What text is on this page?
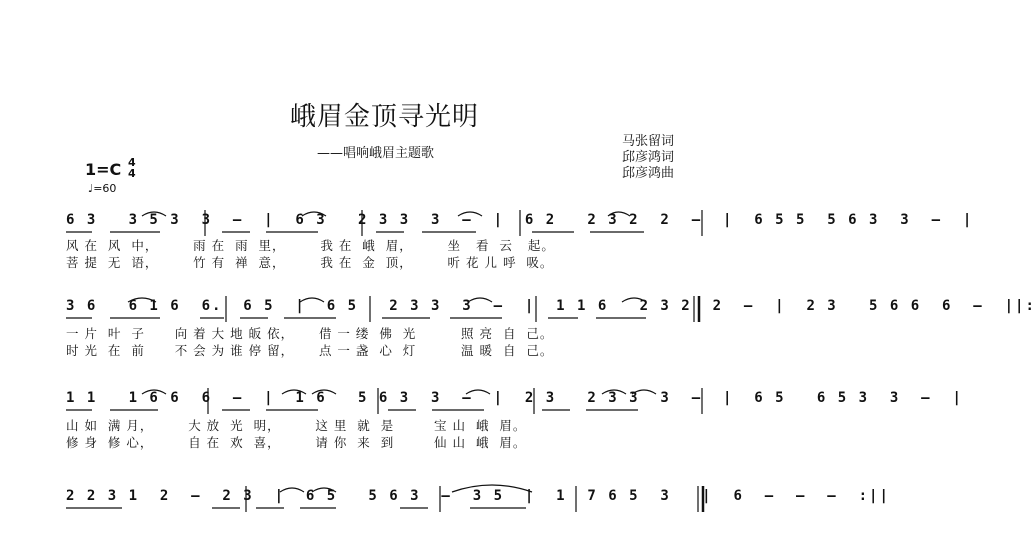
峨眉金顶寻光明
——唱响峨眉主题歌
马张留词
邱彦鸿词
邱彦鸿曲
1=C 4
4
♩=60
6 3   3 5 3  3  –  |  6 3   2 3 3  3  –  |  6 2   2 3 2  2  –  |  6 5 5  5 6 3  3  –  |
风 在  风  中，       雨 在  雨  里，       我 在  峨  眉，       坐   看  云   起。
菩 提  无  语，       竹 有  禅  意，       我 在  金  顶，       听 花 儿 呼  吸。
3 6   6 1 6  6.  6 5  |  6 5   2 3 3  3  –  |  1 1 6   2 3 2  2  –  |  2 3   5 6 6  6  –  ||:
一 片  叶  子      向 着 大 地 皈 依，     借 一 缕  佛  光         照 亮  自  己。
时 光  在  前      不 会 为 谁 停 留，     点 一 盏  心  灯         温 暖  自  己。
1 1   1 6 6  6  –  |  1 6   5 6 3  3  –  |  2 3   2 3 3  3  –  |  6 5   6 5 3  3  –  |
山 如  满 月，       大 放  光  明，       这 里  就  是        宝 山  峨  眉。
修 身  修 心，       自 在  欢  喜，       请 你  来  到        仙 山  峨  眉。
2 2 3 1  2  –  2 3  |  6 5   5 6 3  –  3 5  |  1  7 6 5  3   |  6  –  –  –  :||
